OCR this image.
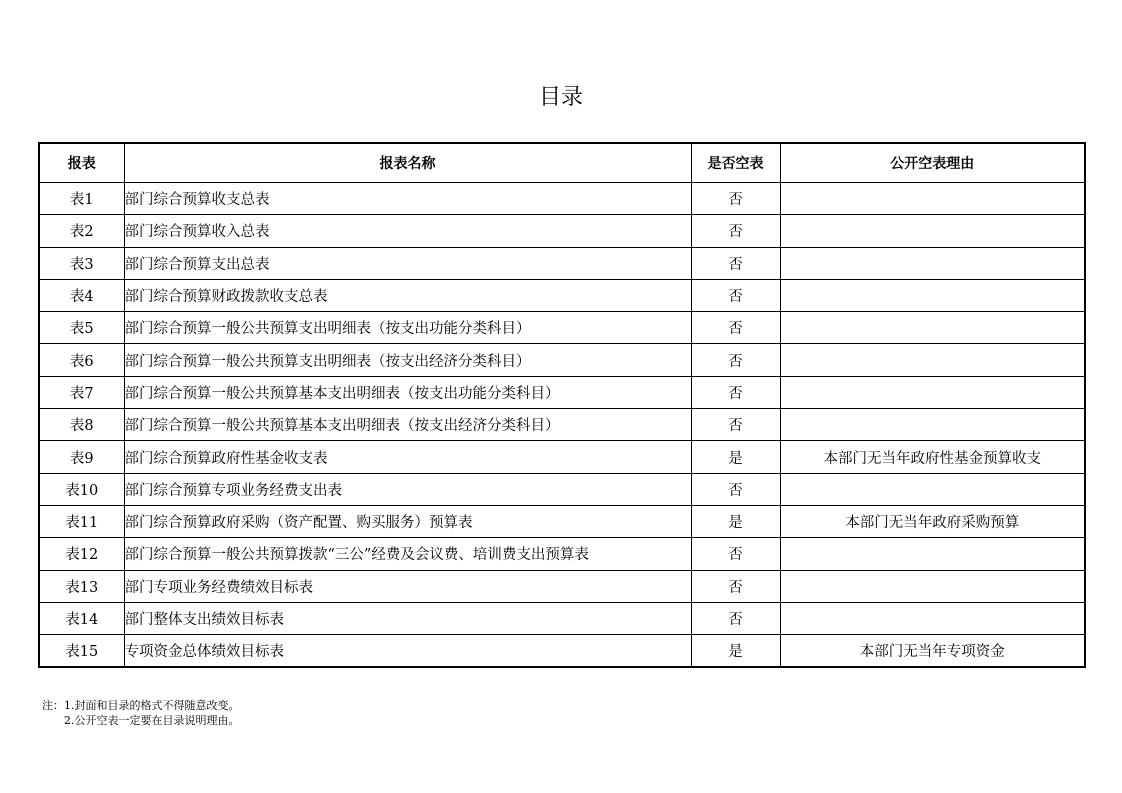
目录
报表	报表名称	是否空表	公开空表理由
表1	部门综合预算收支总表	否	
表2	部门综合预算收入总表	否	
表3	部门综合预算支出总表	否	
表4	部门综合预算财政拨款收支总表	否	
表5	部门综合预算一般公共预算支出明细表（按支出功能分类科目）	否	
表6	部门综合预算一般公共预算支出明细表（按支出经济分类科目）	否	
表7	部门综合预算一般公共预算基本支出明细表（按支出功能分类科目）	否	
表8	部门综合预算一般公共预算基本支出明细表（按支出经济分类科目）	否	
表9	部门综合预算政府性基金收支表	是	本部门无当年政府性基金预算收支
表10	部门综合预算专项业务经费支出表	否	
表11	部门综合预算政府采购（资产配置、购买服务）预算表	是	本部门无当年政府采购预算
表12	部门综合预算一般公共预算拨款“三公”经费及会议费、培训费支出预算表	否	
表13	部门专项业务经费绩效目标表	否	
表14	部门整体支出绩效目标表	否	
表15	专项资金总体绩效目标表	是	本部门无当年专项资金
注：1.封面和目录的格式不得随意改变。
2.公开空表一定要在目录说明理由。
